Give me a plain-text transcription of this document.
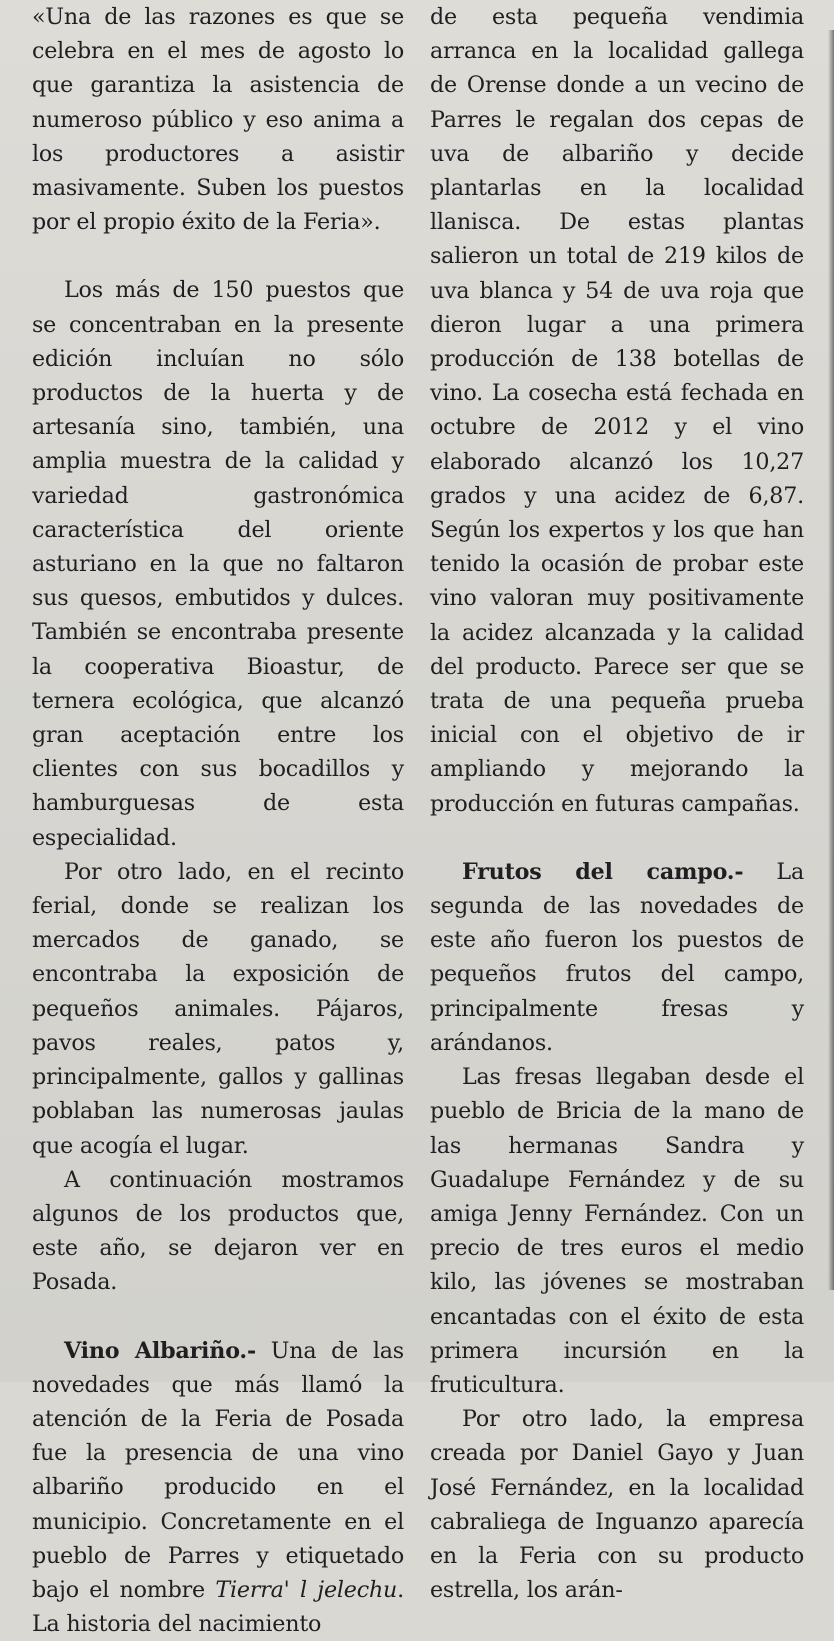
«Una de las razones es que se celebra en el mes de agosto lo que garantiza la asistencia de numeroso público y eso anima a los productores a asistir masivamente. Suben los puestos por el propio éxito de la Feria».

Los más de 150 puestos que se concentraban en la presente edición incluían no sólo productos de la huerta y de artesanía sino, también, una amplia muestra de la calidad y variedad gastronómica característica del oriente asturiano en la que no faltaron sus quesos, embutidos y dulces. También se encontraba presente la cooperativa Bioastur, de ternera ecológica, que alcanzó gran aceptación entre los clientes con sus bocadillos y hamburguesas de esta especialidad.

Por otro lado, en el recinto ferial, donde se realizan los mercados de ganado, se encontraba la exposición de pequeños animales. Pájaros, pavos reales, patos y, principalmente, gallos y gallinas poblaban las numerosas jaulas que acogía el lugar.

A continuación mostramos algunos de los productos que, este año, se dejaron ver en Posada.

Vino Albariño.- Una de las novedades que más llamó la atención de la Feria de Posada fue la presencia de una vino albariño producido en el municipio. Concretamente en el pueblo de Parres y etiquetado bajo el nombre Tierra' l jelechu. La historia del nacimiento

de esta pequeña vendimia arranca en la localidad gallega de Orense donde a un vecino de Parres le regalan dos cepas de uva de albariño y decide plantarlas en la localidad llanisca. De estas plantas salieron un total de 219 kilos de uva blanca y 54 de uva roja que dieron lugar a una primera producción de 138 botellas de vino. La cosecha está fechada en octubre de 2012 y el vino elaborado alcanzó los 10,27 grados y una acidez de 6,87. Según los expertos y los que han tenido la ocasión de probar este vino valoran muy positivamente la acidez alcanzada y la calidad del producto. Parece ser que se trata de una pequeña prueba inicial con el objetivo de ir ampliando y mejorando la producción en futuras campañas.

Frutos del campo.- La segunda de las novedades de este año fueron los puestos de pequeños frutos del campo, principalmente fresas y arándanos.

Las fresas llegaban desde el pueblo de Bricia de la mano de las hermanas Sandra y Guadalupe Fernández y de su amiga Jenny Fernández. Con un precio de tres euros el medio kilo, las jóvenes se mostraban encantadas con el éxito de esta primera incursión en la fruticultura.

Por otro lado, la empresa creada por Daniel Gayo y Juan José Fernández, en la localidad cabraliega de Inguanzo aparecía en la Feria con su producto estrella, los arán-
